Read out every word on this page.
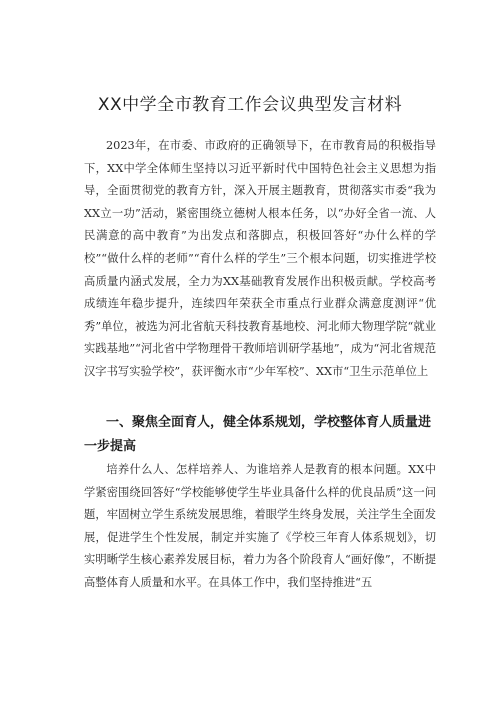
XX中学全市教育工作会议典型发言材料
2023年，在市委、市政府的正确领导下，在市教育局的积极指导下，XX中学全体师生坚持以习近平新时代中国特色社会主义思想为指导，全面贯彻党的教育方针，深入开展主题教育，贯彻落实市委“我为XX立一功”活动，紧密围绕立德树人根本任务，以“办好全省一流、人民满意的高中教育”为出发点和落脚点，积极回答好“办什么样的学校”“做什么样的老师”“育什么样的学生”三个根本问题，切实推进学校高质量内涵式发展，全力为XX基础教育发展作出积极贡献。学校高考成绩连年稳步提升，连续四年荣获全市重点行业群众满意度测评“优秀”单位，被选为河北省航天科技教育基地校、河北师大物理学院“就业实践基地”“河北省中学物理骨干教师培训研学基地”，成为“河北省规范汉字书写实验学校”，获评衡水市“少年军校”、XX市“卫生示范单位上
一、聚焦全面育人，健全体系规划，学校整体育人质量进一步提高
培养什么人、怎样培养人、为谁培养人是教育的根本问题。XX中学紧密围绕回答好“学校能够使学生毕业具备什么样的优良品质”这一问题，牢固树立学生系统发展思维，着眼学生终身发展，关注学生全面发展，促进学生个性发展，制定并实施了《学校三年育人体系规划》，切实明晰学生核心素养发展目标，着力为各个阶段育人“画好像”，不断提高整体育人质量和水平。在具体工作中，我们坚持推进“五
